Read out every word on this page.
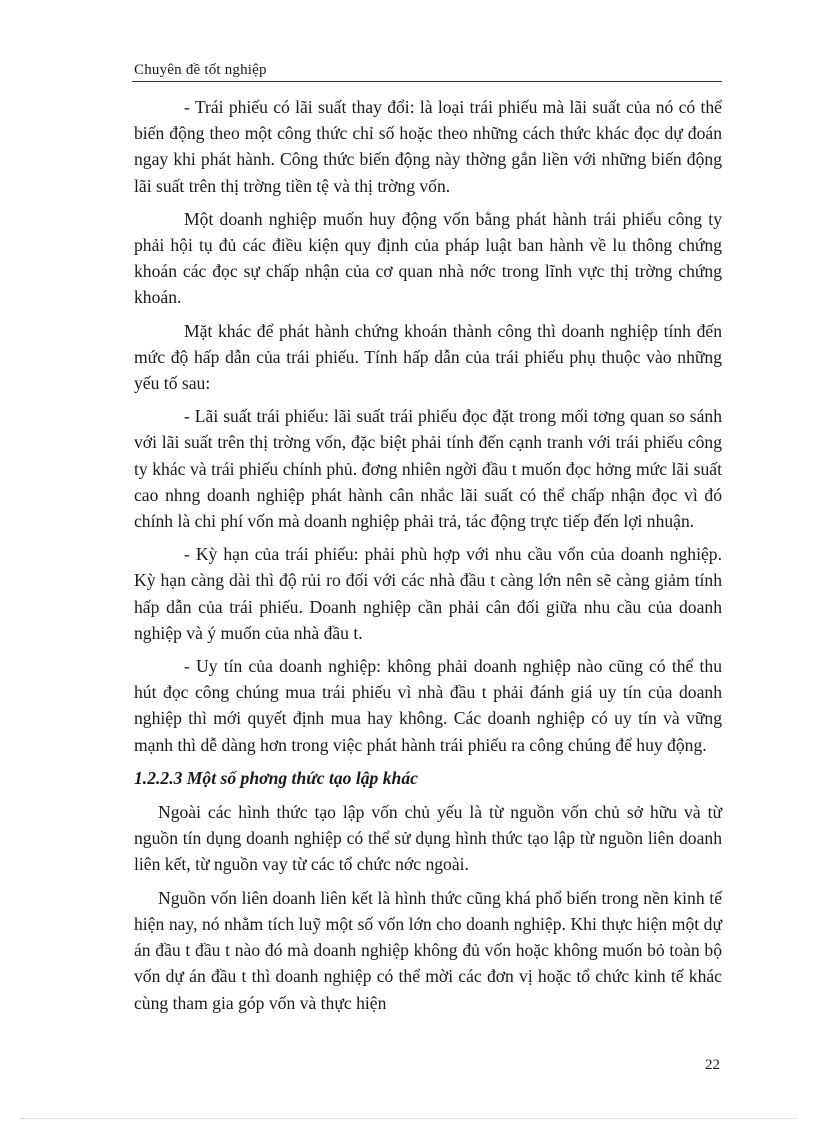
Chuyên đề tốt nghiệp

- Trái phiếu có lãi suất thay đổi: là loại trái phiếu mà lãi suất của nó có thể biến động theo một công thức chỉ số hoặc theo những cách thức khác đọc dự đoán ngay khi phát hành. Công thức biến động này thờng gắn liền với những biến động lãi suất trên thị trờng tiền tệ và thị trờng vốn.

Một doanh nghiệp muốn huy động vốn bằng phát hành trái phiếu công ty phải hội tụ đủ các điều kiện quy định của pháp luật ban hành về lu thông chứng khoán các đọc sự chấp nhận của cơ quan nhà nớc trong lĩnh vực thị trờng chứng khoán.

Mặt khác để phát hành chứng khoán thành công thì doanh nghiệp tính đến mức độ hấp dẫn của trái phiếu. Tính hấp dẫn của trái phiếu phụ thuộc vào những yếu tố sau:

- Lãi suất trái phiếu: lãi suất trái phiếu đọc đặt trong mối tơng quan so sánh với lãi suất trên thị trờng vốn, đặc biệt phải tính đến cạnh tranh với trái phiếu công ty khác và trái phiếu chính phủ. đơng nhiên ngời đầu t muốn đọc hởng mức lãi suất cao nhng doanh nghiệp phát hành cân nhắc lãi suất có thể chấp nhận đọc vì đó chính là chi phí vốn mà doanh nghiệp phải trả, tác động trực tiếp đến lợi nhuận.

- Kỳ hạn của trái phiếu: phải phù hợp với nhu cầu vốn của doanh nghiệp. Kỳ hạn càng dài thì độ rủi ro đối với các nhà đầu t càng lớn nên sẽ càng giảm tính hấp dẫn của trái phiếu. Doanh nghiệp cần phải cân đối giữa nhu cầu của doanh nghiệp và ý muốn của nhà đầu t.

- Uy tín của doanh nghiệp: không phải doanh nghiệp nào cũng có thể thu hút đọc công chúng mua trái phiếu vì nhà đầu t phải đánh giá uy tín của doanh nghiệp thì mới quyết định mua hay không. Các doanh nghiệp có uy tín và vững mạnh thì dễ dàng hơn trong việc phát hành trái phiếu ra công chúng để huy động.

1.2.2.3 Một số phơng thức tạo lập khác

Ngoài các hình thức tạo lập vốn chủ yếu là từ nguồn vốn chủ sở hữu và từ nguồn tín dụng doanh nghiệp có thể sử dụng hình thức tạo lập từ nguồn liên doanh liên kết, từ nguồn vay từ các tổ chức nớc ngoài.

Nguồn vốn liên doanh liên kết là hình thức cũng khá phổ biến trong nền kinh tế hiện nay, nó nhằm tích luỹ một số vốn lớn cho doanh nghiệp. Khi thực hiện một dự án đầu t đầu t nào đó mà doanh nghiệp không đủ vốn hoặc không muốn bỏ toàn bộ vốn dự án đầu t thì doanh nghiệp có thể mời các đơn vị hoặc tổ chức kinh tế khác cùng tham gia góp vốn và thực hiện

22
